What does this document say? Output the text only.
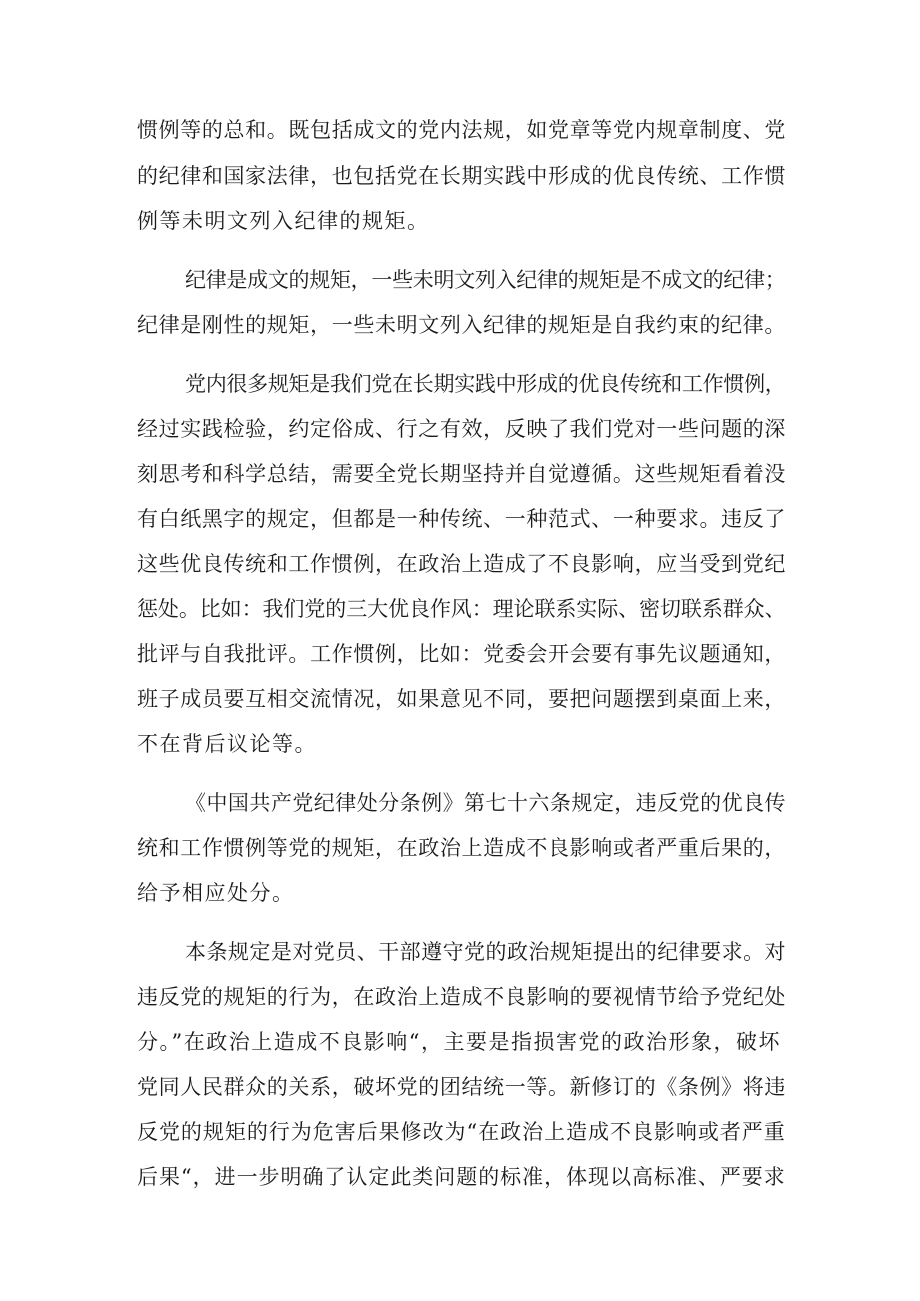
惯例等的总和。既包括成文的党内法规，如党章等党内规章制度、党
的纪律和国家法律，也包括党在长期实践中形成的优良传统、工作惯
例等未明文列入纪律的规矩。
纪律是成文的规矩，一些未明文列入纪律的规矩是不成文的纪律；
纪律是刚性的规矩，一些未明文列入纪律的规矩是自我约束的纪律。
党内很多规矩是我们党在长期实践中形成的优良传统和工作惯例，
经过实践检验，约定俗成、行之有效，反映了我们党对一些问题的深
刻思考和科学总结，需要全党长期坚持并自觉遵循。这些规矩看着没
有白纸黑字的规定，但都是一种传统、一种范式、一种要求。违反了
这些优良传统和工作惯例，在政治上造成了不良影响，应当受到党纪
惩处。比如：我们党的三大优良作风：理论联系实际、密切联系群众、
批评与自我批评。工作惯例，比如：党委会开会要有事先议题通知，
班子成员要互相交流情况，如果意见不同，要把问题摆到桌面上来，
不在背后议论等。
《中国共产党纪律处分条例》第七十六条规定，违反党的优良传
统和工作惯例等党的规矩，在政治上造成不良影响或者严重后果的，
给予相应处分。
本条规定是对党员、干部遵守党的政治规矩提出的纪律要求。对
违反党的规矩的行为，在政治上造成不良影响的要视情节给予党纪处
分。”在政治上造成不良影响“，主要是指损害党的政治形象，破坏
党同人民群众的关系，破坏党的团结统一等。新修订的《条例》将违
反党的规矩的行为危害后果修改为“在政治上造成不良影响或者严重
后果“，进一步明确了认定此类问题的标准，体现以高标准、严要求
